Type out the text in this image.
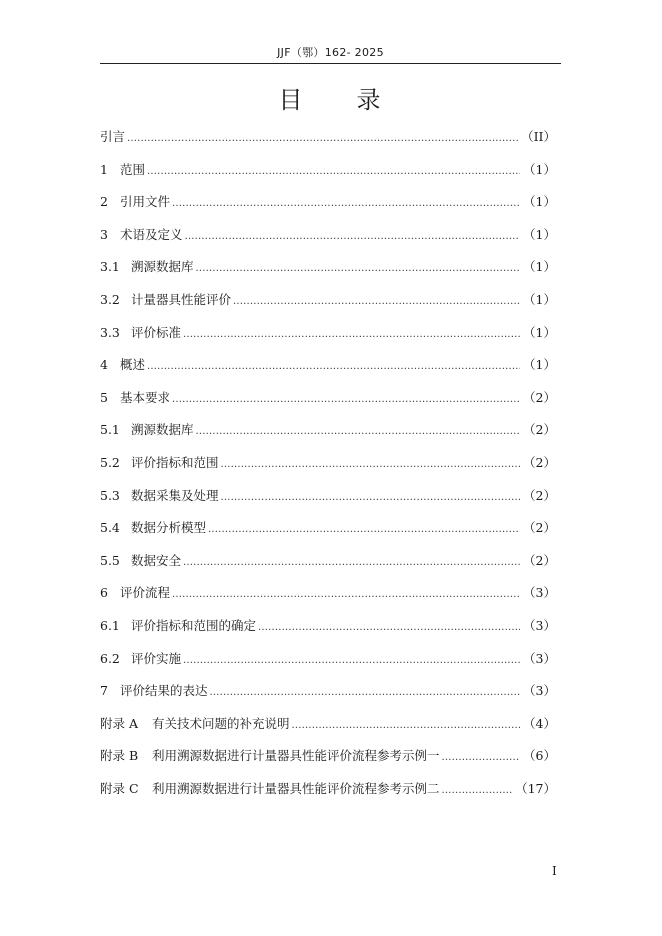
JJF（鄂）162- 2025
目　　录
引言 .....	（II）
1 范围 .....	（1）
2 引用文件 .....	（1）
3 术语及定义 .....	（1）
3.1 溯源数据库 .....	（1）
3.2 计量器具性能评价 .....	（1）
3.3 评价标准 .....	（1）
4 概述 .....	（1）
5 基本要求 .....	（2）
5.1 溯源数据库 .....	（2）
5.2 评价指标和范围 .....	（2）
5.3 数据采集及处理 .....	（2）
5.4 数据分析模型 .....	（2）
5.5 数据安全 .....	（2）
6 评价流程 .....	（3）
6.1 评价指标和范围的确定 .....	（3）
6.2 评价实施 .....	（3）
7 评价结果的表达 .....	（3）
附录 A	有关技术问题的补充说明 .....	（4）
附录 B	利用溯源数据进行计量器具性能评价流程参考示例一 .....	（6）
附录 C	利用溯源数据进行计量器具性能评价流程参考示例二 .....	（17）
I
